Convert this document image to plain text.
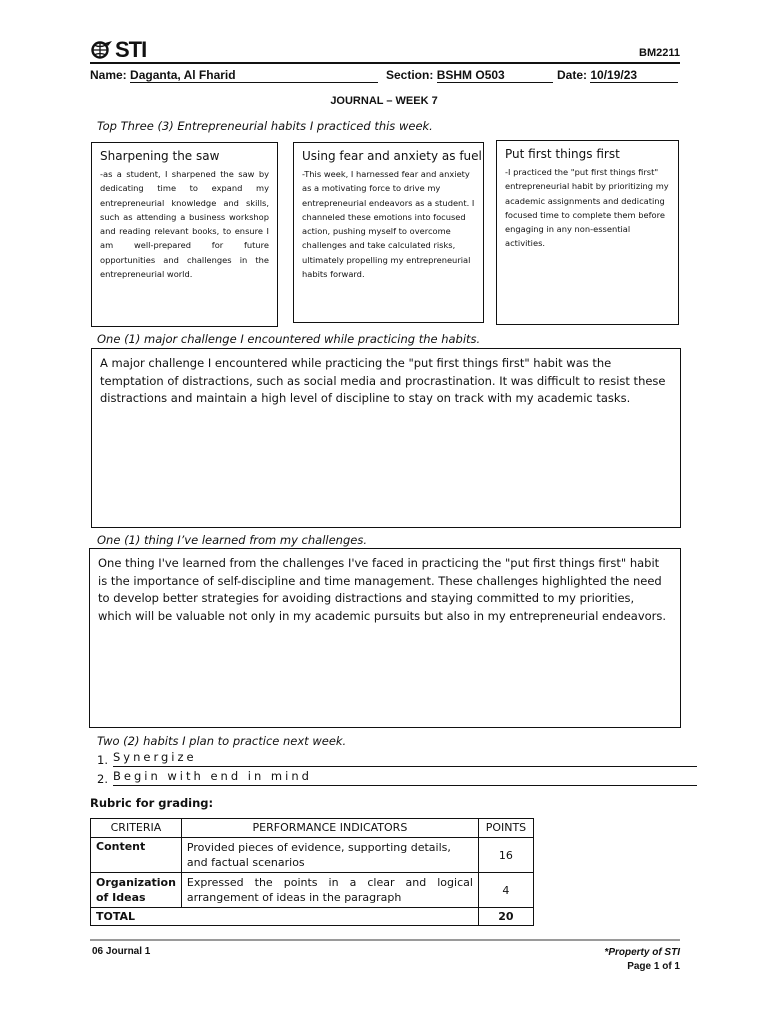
STI	BM2211
Name: Daganta, Al Fharid	Section: BSHM O503	Date: 10/19/23
JOURNAL – WEEK 7
Top Three (3) Entrepreneurial habits I practiced this week.
Sharpening the saw
-as a student, I sharpened the saw by dedicating time to expand my entrepreneurial knowledge and skills, such as attending a business workshop and reading relevant books, to ensure I am well-prepared for future opportunities and challenges in the entrepreneurial world.
Using fear and anxiety as fuel
-This week, I harnessed fear and anxiety as a motivating force to drive my entrepreneurial endeavors as a student. I channeled these emotions into focused action, pushing myself to overcome challenges and take calculated risks, ultimately propelling my entrepreneurial habits forward.
Put first things first
-I practiced the "put first things first" entrepreneurial habit by prioritizing my academic assignments and dedicating focused time to complete them before engaging in any non-essential activities.
One (1) major challenge I encountered while practicing the habits.
A major challenge I encountered while practicing the "put first things first" habit was the temptation of distractions, such as social media and procrastination. It was difficult to resist these distractions and maintain a high level of discipline to stay on track with my academic tasks.
One (1) thing I’ve learned from my challenges.
One thing I've learned from the challenges I've faced in practicing the "put first things first" habit is the importance of self-discipline and time management. These challenges highlighted the need to develop better strategies for avoiding distractions and staying committed to my priorities, which will be valuable not only in my academic pursuits but also in my entrepreneurial endeavors.
Two (2) habits I plan to practice next week.
1. Synergize
2. Begin with end in mind
Rubric for grading:
CRITERIA	PERFORMANCE INDICATORS	POINTS
Content	Provided pieces of evidence, supporting details, and factual scenarios	16
Organization of Ideas	Expressed the points in a clear and logical arrangement of ideas in the paragraph	4
TOTAL		20
06 Journal 1	*Property of STI
Page 1 of 1
